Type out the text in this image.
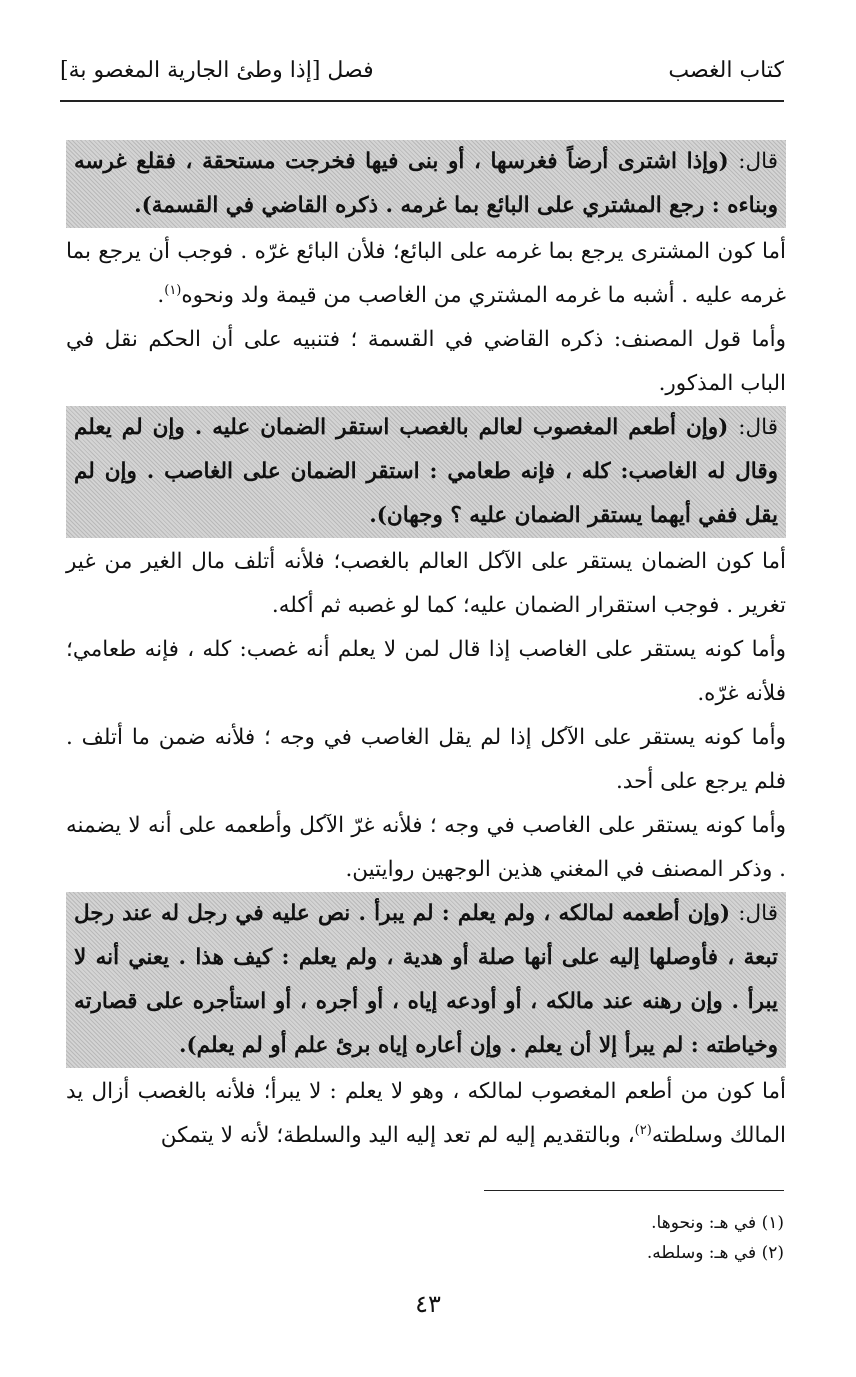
كتاب الغصب
فصل [إذا وطئ الجارية المغصو بة]
قال: (وإذا اشترى أرضاً فغرسها ، أو بنى فيها فخرجت مستحقة ، فقلع غرسه وبناءه : رجع المشتري على البائع بما غرمه . ذكره القاضي في القسمة).
أما كون المشترى يرجع بما غرمه على البائع؛ فلأن البائع غرّه . فوجب أن يرجع بما غرمه عليه . أشبه ما غرمه المشتري من الغاصب من قيمة ولد ونحوه$^{(١)}$.
وأما قول المصنف: ذكره القاضي في القسمة ؛ فتنبيه على أن الحكم نقل في الباب المذكور.
قال: (وإن أطعم المغصوب لعالم بالغصب استقر الضمان عليه . وإن لم يعلم وقال له الغاصب: كله ، فإنه طعامي : استقر الضمان على الغاصب . وإن لم يقل ففي أيهما يستقر الضمان عليه ؟ وجهان).
أما كون الضمان يستقر على الآكل العالم بالغصب؛ فلأنه أتلف مال الغير من غير تغرير . فوجب استقرار الضمان عليه؛ كما لو غصبه ثم أكله.
وأما كونه يستقر على الغاصب إذا قال لمن لا يعلم أنه غصب: كله ، فإنه طعامي؛ فلأنه غرّه.
وأما كونه يستقر على الآكل إذا لم يقل الغاصب في وجه ؛ فلأنه ضمن ما أتلف . فلم يرجع على أحد.
وأما كونه يستقر على الغاصب في وجه ؛ فلأنه غرّ الآكل وأطعمه على أنه لا يضمنه . وذكر المصنف في المغني هذين الوجهين روايتين.
قال: (وإن أطعمه لمالكه ، ولم يعلم : لم يبرأ . نص عليه في رجل له عند رجل تبعة ، فأوصلها إليه على أنها صلة أو هدية ، ولم يعلم : كيف هذا . يعني أنه لا يبرأ . وإن رهنه عند مالكه ، أو أودعه إياه ، أو أجره ، أو استأجره على قصارته وخياطته : لم يبرأ إلا أن يعلم . وإن أعاره إياه برئ علم أو لم يعلم).
أما كون من أطعم المغصوب لمالكه ، وهو لا يعلم : لا يبرأ؛ فلأنه بالغصب أزال يد المالك وسلطته$^{(٢)}$، وبالتقديم إليه لم تعد إليه اليد والسلطة؛ لأنه لا يتمكن
(١) في هـ: ونحوها.
(٢) في هـ: وسلطه.
٤٣
